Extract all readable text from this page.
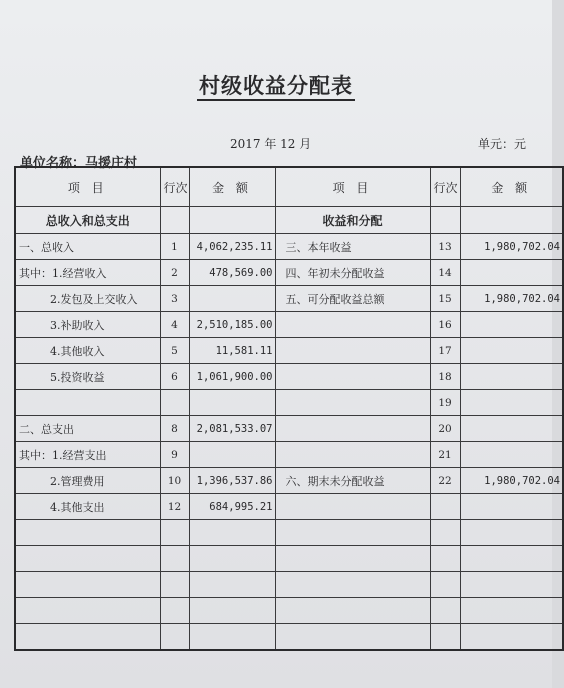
村级收益分配表
2017 年 12 月	单元：元
单位名称：马援庄村
项 目	行次	金 额	项 目	行次	金 额
总收入和总支出			收益和分配		
一、总收入	1	4,062,235.11	三、本年收益	13	1,980,702.04
其中：1.经营收入	2	478,569.00	四、年初未分配收益	14	
2.发包及上交收入	3		五、可分配收益总额	15	1,980,702.04
3.补助收入	4	2,510,185.00		16	
4.其他收入	5	11,581.11		17	
5.投资收益	6	1,061,900.00		18	
				19	
二、总支出	8	2,081,533.07		20	
其中：1.经营支出	9			21	
2.管理费用	10	1,396,537.86	六、期末未分配收益	22	1,980,702.04
4.其他支出	12	684,995.21			
